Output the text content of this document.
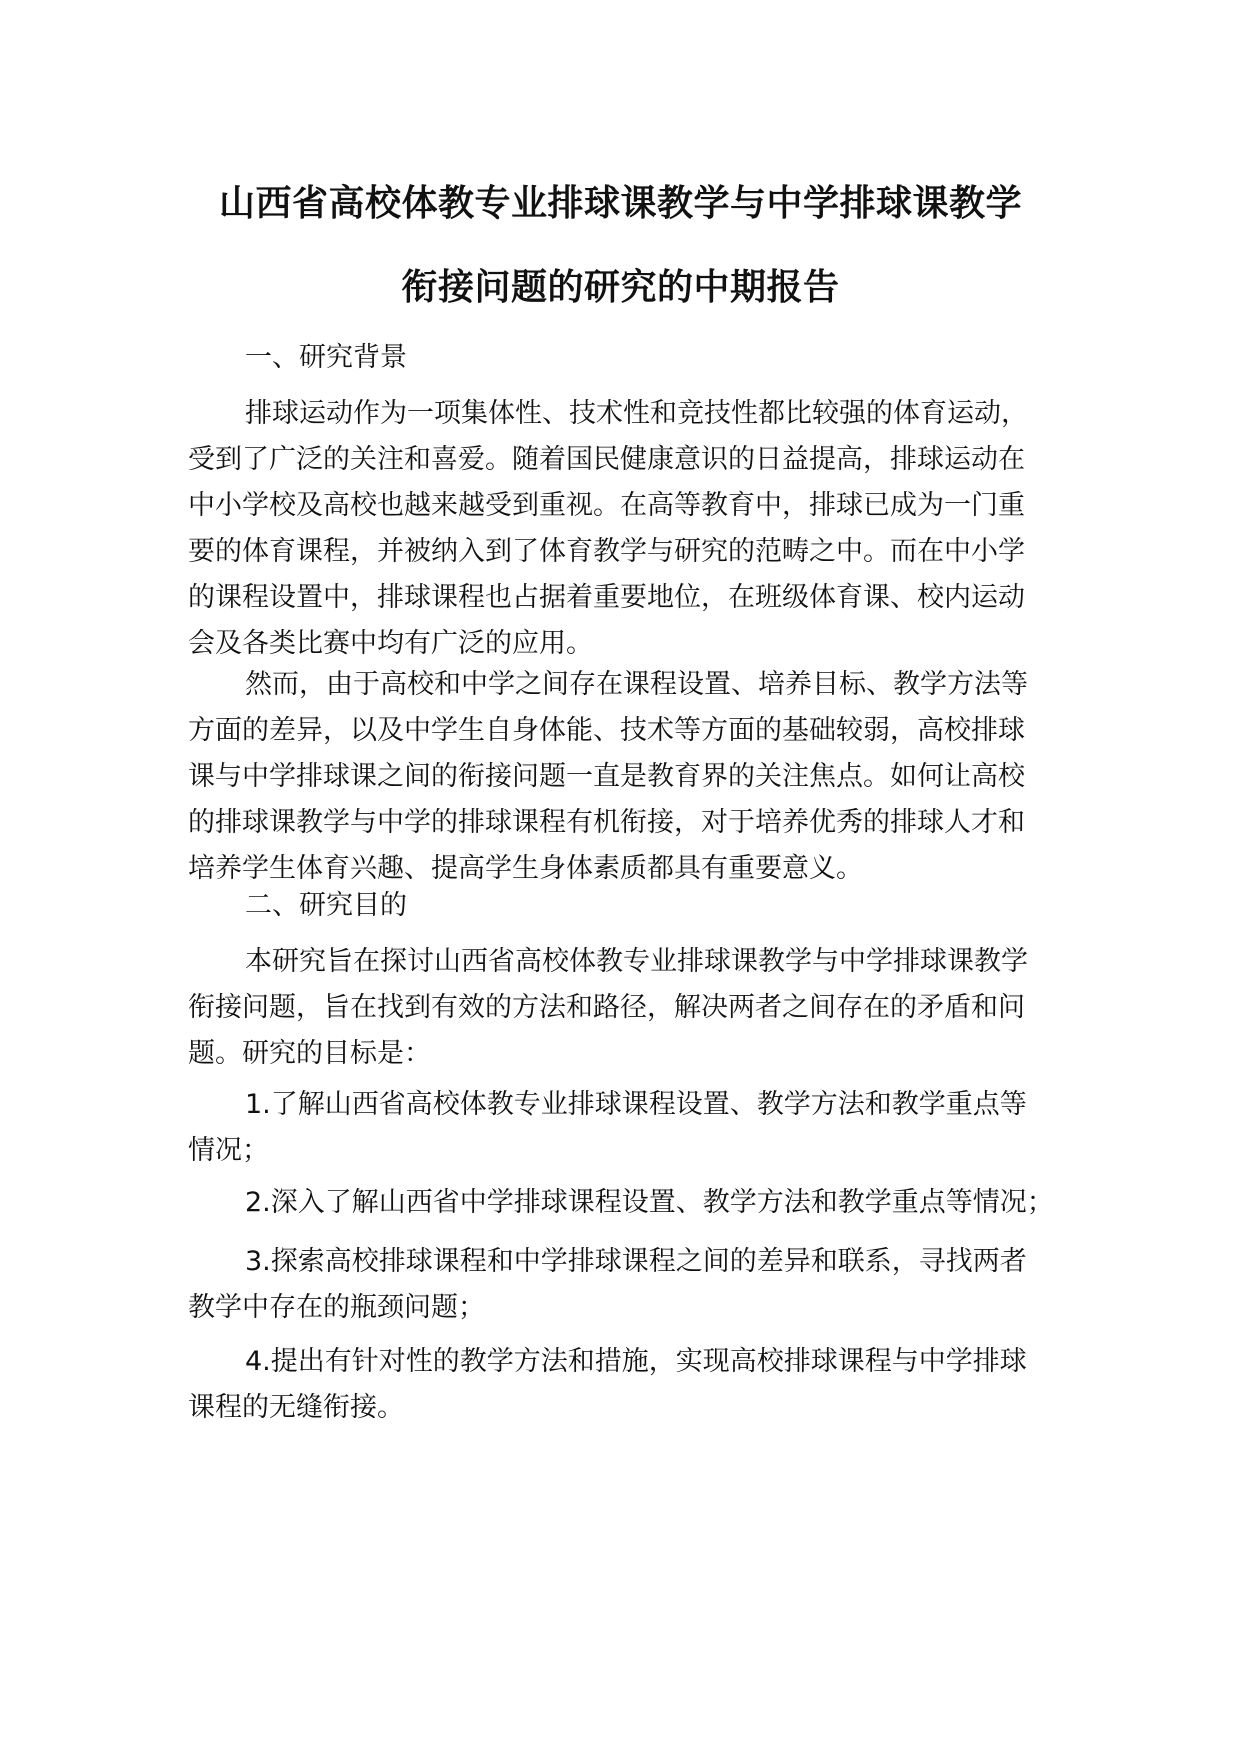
山西省高校体教专业排球课教学与中学排球课教学
衔接问题的研究的中期报告
一、研究背景

排球运动作为一项集体性、技术性和竞技性都比较强的体育运动，

受到了广泛的关注和喜爱。随着国民健康意识的日益提高，排球运动在

中小学校及高校也越来越受到重视。在高等教育中，排球已成为一门重

要的体育课程，并被纳入到了体育教学与研究的范畴之中。而在中小学

的课程设置中，排球课程也占据着重要地位，在班级体育课、校内运动

会及各类比赛中均有广泛的应用。

然而，由于高校和中学之间存在课程设置、培养目标、教学方法等

方面的差异，以及中学生自身体能、技术等方面的基础较弱，高校排球

课与中学排球课之间的衔接问题一直是教育界的关注焦点。如何让高校

的排球课教学与中学的排球课程有机衔接，对于培养优秀的排球人才和

培养学生体育兴趣、提高学生身体素质都具有重要意义。

二、研究目的

本研究旨在探讨山西省高校体教专业排球课教学与中学排球课教学

衔接问题，旨在找到有效的方法和路径，解决两者之间存在的矛盾和问

题。研究的目标是：

1.了解山西省高校体教专业排球课程设置、教学方法和教学重点等

情况；

2.深入了解山西省中学排球课程设置、教学方法和教学重点等情况；

3.探索高校排球课程和中学排球课程之间的差异和联系，寻找两者

教学中存在的瓶颈问题；

4.提出有针对性的教学方法和措施，实现高校排球课程与中学排球

课程的无缝衔接。
